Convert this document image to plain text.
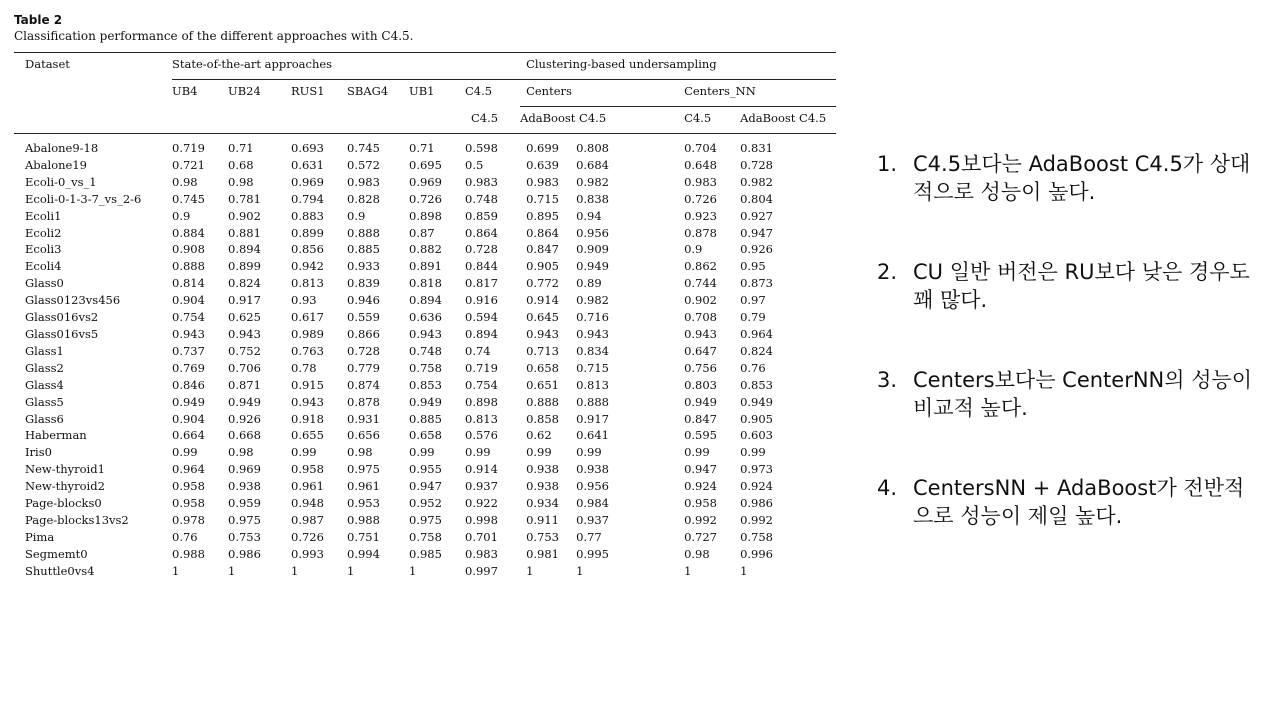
Table 2
Classification performance of the different approaches with C4.5.
Dataset	State-of-the-art approaches						Clustering-based undersampling			
	UB4	UB24	RUS1	SBAG4	UB1	C4.5	Centers		Centers_NN	
						C4.5	AdaBoost C4.5		C4.5	AdaBoost C4.5
Abalone9-18	0.719	0.71	0.693	0.745	0.71	0.598	0.699	0.808	0.704	0.831
Abalone19	0.721	0.68	0.631	0.572	0.695	0.5	0.639	0.684	0.648	0.728
Ecoli-0_vs_1	0.98	0.98	0.969	0.983	0.969	0.983	0.983	0.982	0.983	0.982
Ecoli-0-1-3-7_vs_2-6	0.745	0.781	0.794	0.828	0.726	0.748	0.715	0.838	0.726	0.804
Ecoli1	0.9	0.902	0.883	0.9	0.898	0.859	0.895	0.94	0.923	0.927
Ecoli2	0.884	0.881	0.899	0.888	0.87	0.864	0.864	0.956	0.878	0.947
Ecoli3	0.908	0.894	0.856	0.885	0.882	0.728	0.847	0.909	0.9	0.926
Ecoli4	0.888	0.899	0.942	0.933	0.891	0.844	0.905	0.949	0.862	0.95
Glass0	0.814	0.824	0.813	0.839	0.818	0.817	0.772	0.89	0.744	0.873
Glass0123vs456	0.904	0.917	0.93	0.946	0.894	0.916	0.914	0.982	0.902	0.97
Glass016vs2	0.754	0.625	0.617	0.559	0.636	0.594	0.645	0.716	0.708	0.79
Glass016vs5	0.943	0.943	0.989	0.866	0.943	0.894	0.943	0.943	0.943	0.964
Glass1	0.737	0.752	0.763	0.728	0.748	0.74	0.713	0.834	0.647	0.824
Glass2	0.769	0.706	0.78	0.779	0.758	0.719	0.658	0.715	0.756	0.76
Glass4	0.846	0.871	0.915	0.874	0.853	0.754	0.651	0.813	0.803	0.853
Glass5	0.949	0.949	0.943	0.878	0.949	0.898	0.888	0.888	0.949	0.949
Glass6	0.904	0.926	0.918	0.931	0.885	0.813	0.858	0.917	0.847	0.905
Haberman	0.664	0.668	0.655	0.656	0.658	0.576	0.62	0.641	0.595	0.603
Iris0	0.99	0.98	0.99	0.98	0.99	0.99	0.99	0.99	0.99	0.99
New-thyroid1	0.964	0.969	0.958	0.975	0.955	0.914	0.938	0.938	0.947	0.973
New-thyroid2	0.958	0.938	0.961	0.961	0.947	0.937	0.938	0.956	0.924	0.924
Page-blocks0	0.958	0.959	0.948	0.953	0.952	0.922	0.934	0.984	0.958	0.986
Page-blocks13vs2	0.978	0.975	0.987	0.988	0.975	0.998	0.911	0.937	0.992	0.992
Pima	0.76	0.753	0.726	0.751	0.758	0.701	0.753	0.77	0.727	0.758
Segmemt0	0.988	0.986	0.993	0.994	0.985	0.983	0.981	0.995	0.98	0.996
Shuttle0vs4	1	1	1	1	1	0.997	1	1	1	1
1. C4.5보다는 AdaBoost C4.5가 상대적으로 성능이 높다.
2. CU 일반 버전은 RU보다 낮은 경우도 꽤 많다.
3. Centers보다는 CenterNN의 성능이 비교적 높다.
4. CentersNN + AdaBoost가 전반적으로 성능이 제일 높다.
